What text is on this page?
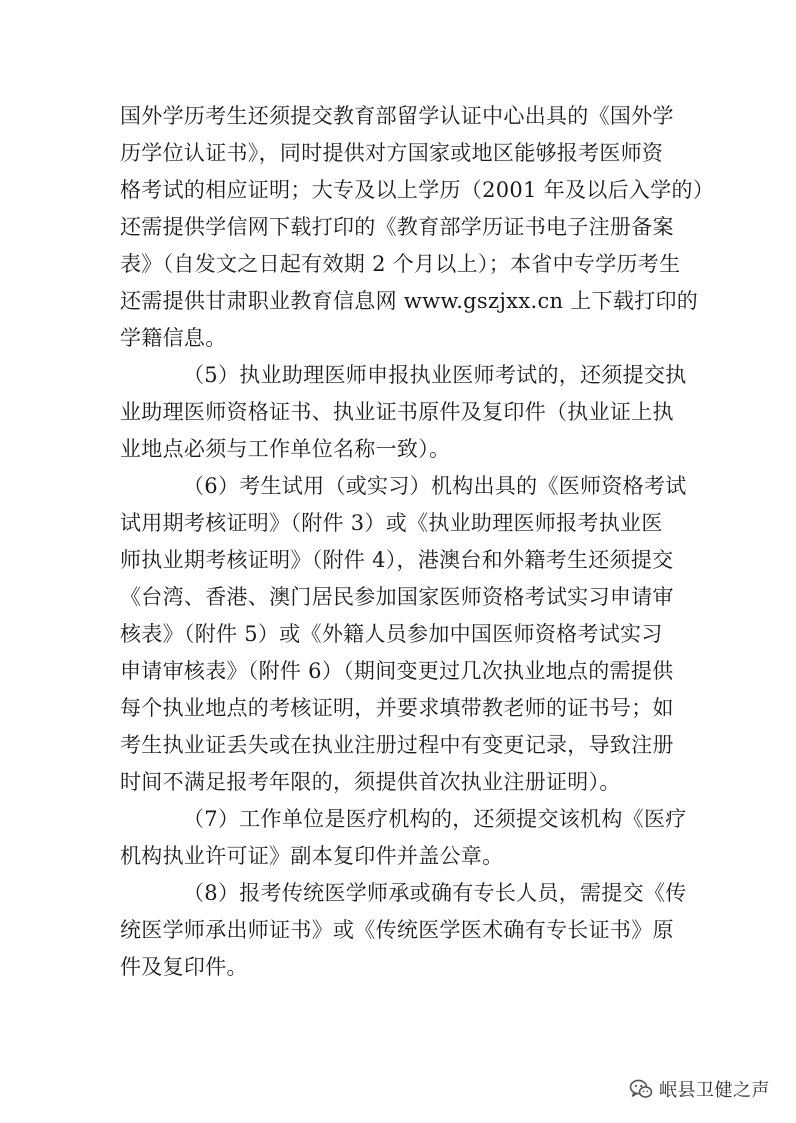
国外学历考生还须提交教育部留学认证中心出具的《国外学
历学位认证书》，同时提供对方国家或地区能够报考医师资
格考试的相应证明；大专及以上学历（2001 年及以后入学的）
还需提供学信网下载打印的《教育部学历证书电子注册备案
表》（自发文之日起有效期 2 个月以上）；本省中专学历考生
还需提供甘肃职业教育信息网 www.gszjxx.cn 上下载打印的
学籍信息。

（5）执业助理医师申报执业医师考试的，还须提交执
业助理医师资格证书、执业证书原件及复印件（执业证上执
业地点必须与工作单位名称一致）。

（6）考生试用（或实习）机构出具的《医师资格考试
试用期考核证明》（附件 3）或《执业助理医师报考执业医
师执业期考核证明》（附件 4），港澳台和外籍考生还须提交
《台湾、香港、澳门居民参加国家医师资格考试实习申请审
核表》（附件 5）或《外籍人员参加中国医师资格考试实习
申请审核表》（附件 6）（期间变更过几次执业地点的需提供
每个执业地点的考核证明，并要求填带教老师的证书号；如
考生执业证丢失或在执业注册过程中有变更记录，导致注册
时间不满足报考年限的，须提供首次执业注册证明）。

（7）工作单位是医疗机构的，还须提交该机构《医疗
机构执业许可证》副本复印件并盖公章。

（8）报考传统医学师承或确有专长人员，需提交《传
统医学师承出师证书》或《传统医学医术确有专长证书》原
件及复印件。

岷县卫健之声
